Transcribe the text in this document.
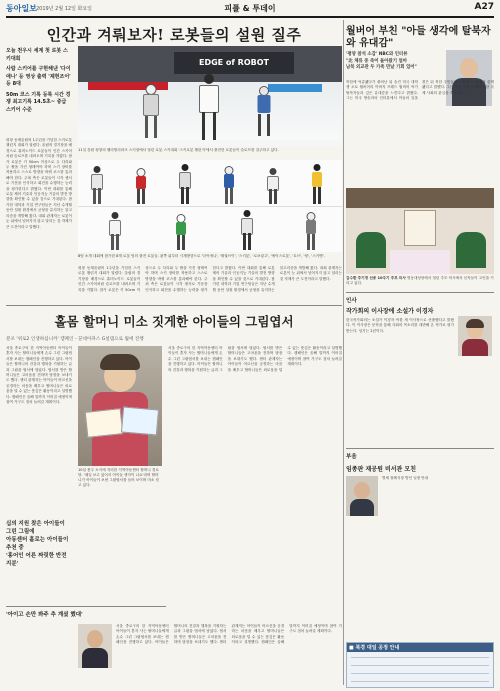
동아일보 2019년 2월 12일 화요일	피플 & 투데이	A27
인간과 겨뤄보자! 로봇들의 설원 질주

오늘 천우시 세계 첫 로봇 스키대회

사람 스키어를 구현해낸 '다이애나' 등 영상 출력 '제현조어' 등 8대

50m 코스 기록 등록 시간 경쟁 최고기록 14.5초~ 중급 스키어 수준

평창 동계올림픽 1주년을 기념한 스키로봇 챌린지 대회가 열렸다. 올림픽 경기장을 배경으로 휴머노이드 로봇들이 인간 스키어처럼 슬로프를 내려오며 기록을 겨뤘다. 참가 로봇은 키 50cm 이상으로 두 다리와 두 팔을 가진 형태여야 하며 스키 장비를 착용하고 스스로 방향을 바꿔 코스를 통과해야 한다. 주최 측은 로봇들이 시각 센서로 기문을 인식하고 회전을 수행하는 능력을 평가한다고 밝혔다. 이번 대회를 통해 로봇 제어 기술과 인공지능 기술의 발전 방향을 확인할 수 있을 것으로 기대된다. 참가한 대학과 기업 연구팀들은 지난 수개월 동안 설원 환경에서 균형을 유지하는 알고리즘을 개발해 왔다. 대회 관계자는 로봇이 눈 위에서 넘어지지 않고 달리는 것 자체가 큰 도전이라고 말했다.

EDGE of ROBOT
11일 강원 평창의 웰리힐리파크 스키장에서 열린 로봇 스키대회 '스키로봇 챌린지'에서 출전한 로봇들이 슬로프를 질주하고 있다.
8팀 소개 대회에 참가한 8개 로봇 팀의 출전 로봇들. 왼쪽 위부터 시계방향으로 '다이애나', '태권브이', '스키봇', '로보링고', '에이스로봇', '로브', '윙', '스키맨'.

평창 동계올림픽 1주년을 기념한 스키로봇 챌린지 대회가 열렸다. 올림픽 경기장을 배경으로 휴머노이드 로봇들이 인간 스키어처럼 슬로프를 내려오며 기록을 겨뤘다. 참가 로봇은 키 50cm 이상으로 두 다리와 두 팔을 가진 형태여야 하며 스키 장비를 착용하고 스스로 방향을 바꿔 코스를 통과해야 한다. 주최 측은 로봇들이 시각 센서로 기문을 인식하고 회전을 수행하는 능력을 평가한다고 밝혔다. 이번 대회를 통해 로봇 제어 기술과 인공지능 기술의 발전 방향을 확인할 수 있을 것으로 기대된다. 참가한 대학과 기업 연구팀들은 지난 수개월 동안 설원 환경에서 균형을 유지하는 알고리즘을 개발해 왔다. 대회 관계자는 로봇이 눈 위에서 넘어지지 않고 달리는 것 자체가 큰 도전이라고 말했다.

홀몸 할머니 미소 짓게한 아이들의 그림엽서
분포 '위로2 인생하십니까' 캠페인 - 꾼네아파스 G설템으로 월에 진행

서울 종로구의 한 지역아동센터 아이들이 혼자 사는 할머니들에게 손수 그린 그림엽서를 보내는 캠페인을 진행하고 있다. 아이들은 할머니의 건강과 행복을 기원하는 글과 그림을 엽서에 담았다. 엽서를 받은 할머니들은 고마움을 전하며 답장을 보내기도 했다. 센터 관계자는 아이들이 어르신을 공경하는 마음을 배우고 할머니들은 외로움을 덜 수 있는 뜻깊은 활동이라고 설명했다. 캠페인은 올해 말까지 이어질 예정이며 참여 가구도 점차 늘려갈 계획이다.

십의 지원 찾은 아이들이 그린 그림에
아동센터 홀로는 아이들이 추천 중
'홍어인 어른 짜릿한 반전 지분'
10일 충주 소식에 자리한 지역아동센터 할머니 경로당. '매일 보고 있어서 아이들 생각이 나요'라며 할머니가 아이들이 보낸 그림엽서를 들어 보이며 미소 짓고 있다.

서울 종로구의 한 지역아동센터 아이들이 혼자 사는 할머니들에게 손수 그린 그림엽서를 보내는 캠페인을 진행하고 있다. 아이들은 할머니의 건강과 행복을 기원하는 글과 그림을 엽서에 담았다. 엽서를 받은 할머니들은 고마움을 전하며 답장을 보내기도 했다. 센터 관계자는 아이들이 어르신을 공경하는 마음을 배우고 할머니들은 외로움을 덜 수 있는 뜻깊은 활동이라고 설명했다. 캠페인은 올해 말까지 이어질 예정이며 참여 가구도 점차 늘려갈 계획이다.

'아이고 손만 봐주 추 계셨 했대'

서울 종로구의 한 지역아동센터 아이들이 혼자 사는 할머니들에게 손수 그린 그림엽서를 보내는 캠페인을 진행하고 있다. 아이들은 할머니의 건강과 행복을 기원하는 글과 그림을 엽서에 담았다. 엽서를 받은 할머니들은 고마움을 전하며 답장을 보내기도 했다. 센터 관계자는 아이들이 어르신을 공경하는 마음을 배우고 할머니들은 외로움을 덜 수 있는 뜻깊은 활동이라고 설명했다. 캠페인은 올해 말까지 이어질 예정이며 참여 가구도 점차 늘려갈 계획이다.

월버어 부친 "아들 생각에 탈북자와 유대감"
'평양 참석 소감' NBC와 인터뷰
"北 체류 중 죽어 돌아왔기 얼마
남북 외교관 두 가족 만날 기회 있어"

북한에 억류됐다가 풀려난 뒤 숨진 미국 대학생 오토 웜비어의 아버지 프레드 웜비어 씨가 탈북자들과 깊은 유대감을 느낀다고 밝혔다. 그는 미국 방송과의 인터뷰에서 아들의 일을 겪은 뒤 북한 주민들의 고통에 더 관심을 갖게 됐다고 말했다. 그는 북한 인권 문제에 대한 국제 사회의 관심을 촉구했다.

김수환 추기경 선종 10주기 추모 미사 명동대성당에서 열린 추모 미사에서 신자들이 고인을 기리고 있다.
인사
작가회의 이사장에 소설가 이경자

한국작가회의는 소설가 이경자 씨를 새 이사장으로 선출했다고 밝혔다. 이 이사장은 문학을 통해 사회의 목소리를 대변해 온 작가로 평가받는다. 임기는 2년이다.

부음
임종판 재공원 비서관 모친

별세 장례식장 발인 일정 안내

■ 북경 대일 공정 안내
